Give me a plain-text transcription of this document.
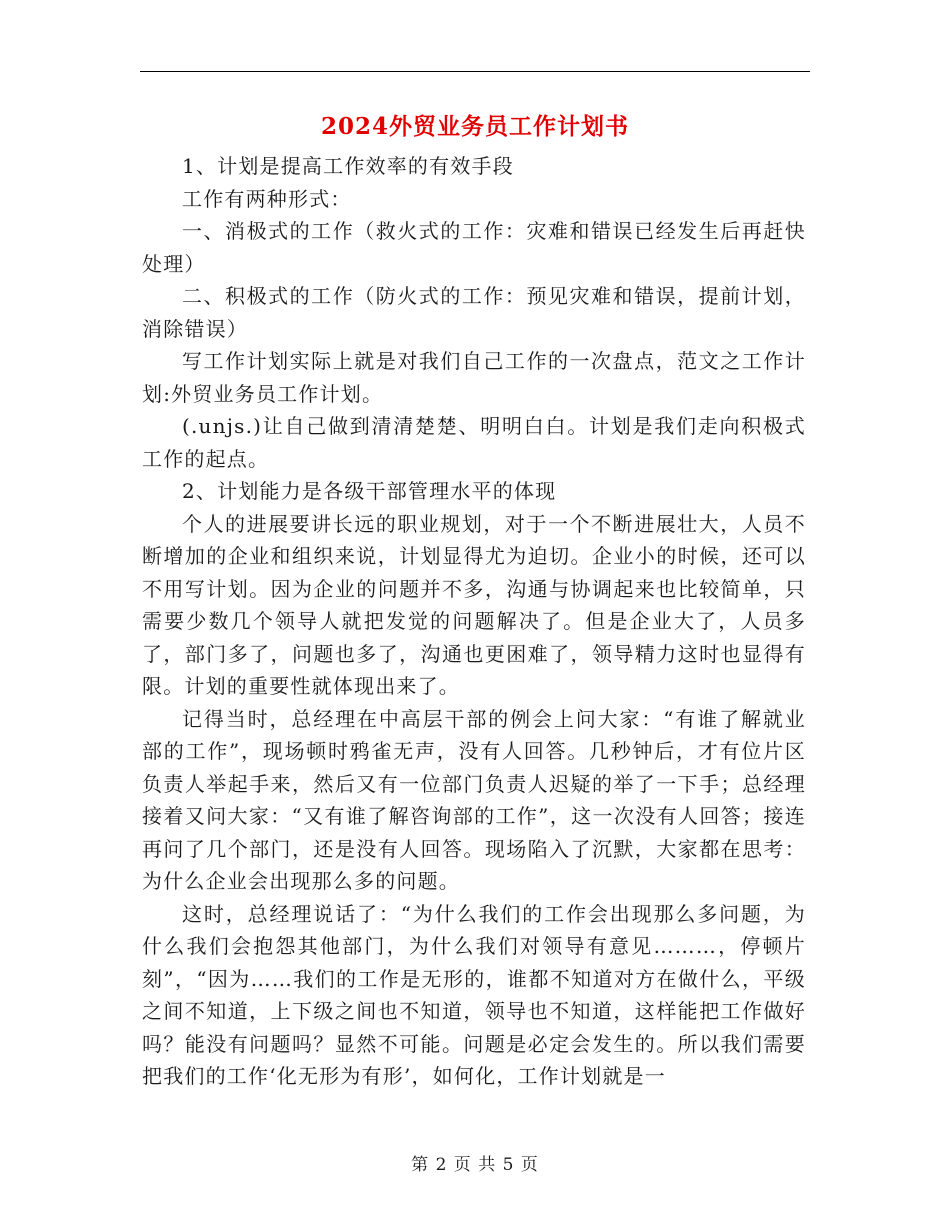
2024外贸业务员工作计划书

1、计划是提高工作效率的有效手段

工作有两种形式：

一、消极式的工作（救火式的工作：灾难和错误已经发生后再赶快处理）

二、积极式的工作（防火式的工作：预见灾难和错误，提前计划，消除错误）

写工作计划实际上就是对我们自己工作的一次盘点，范文之工作计划:外贸业务员工作计划。

(.unjs.)让自己做到清清楚楚、明明白白。计划是我们走向积极式工作的起点。

2、计划能力是各级干部管理水平的体现

个人的进展要讲长远的职业规划，对于一个不断进展壮大，人员不断增加的企业和组织来说，计划显得尤为迫切。企业小的时候，还可以不用写计划。因为企业的问题并不多，沟通与协调起来也比较简单，只需要少数几个领导人就把发觉的问题解决了。但是企业大了，人员多了，部门多了，问题也多了，沟通也更困难了，领导精力这时也显得有限。计划的重要性就体现出来了。

记得当时，总经理在中高层干部的例会上问大家：“有谁了解就业部的工作”，现场顿时鸦雀无声，没有人回答。几秒钟后，才有位片区负责人举起手来，然后又有一位部门负责人迟疑的举了一下手；总经理接着又问大家：“又有谁了解咨询部的工作”，这一次没有人回答；接连再问了几个部门，还是没有人回答。现场陷入了沉默，大家都在思考：为什么企业会出现那么多的问题。

这时，总经理说话了：“为什么我们的工作会出现那么多问题，为什么我们会抱怨其他部门，为什么我们对领导有意见………，停顿片刻”，“因为……我们的工作是无形的，谁都不知道对方在做什么，平级之间不知道，上下级之间也不知道，领导也不知道，这样能把工作做好吗？能没有问题吗？显然不可能。问题是必定会发生的。所以我们需要把我们的工作‘化无形为有形’，如何化，工作计划就是一

第 2 页 共 5 页
